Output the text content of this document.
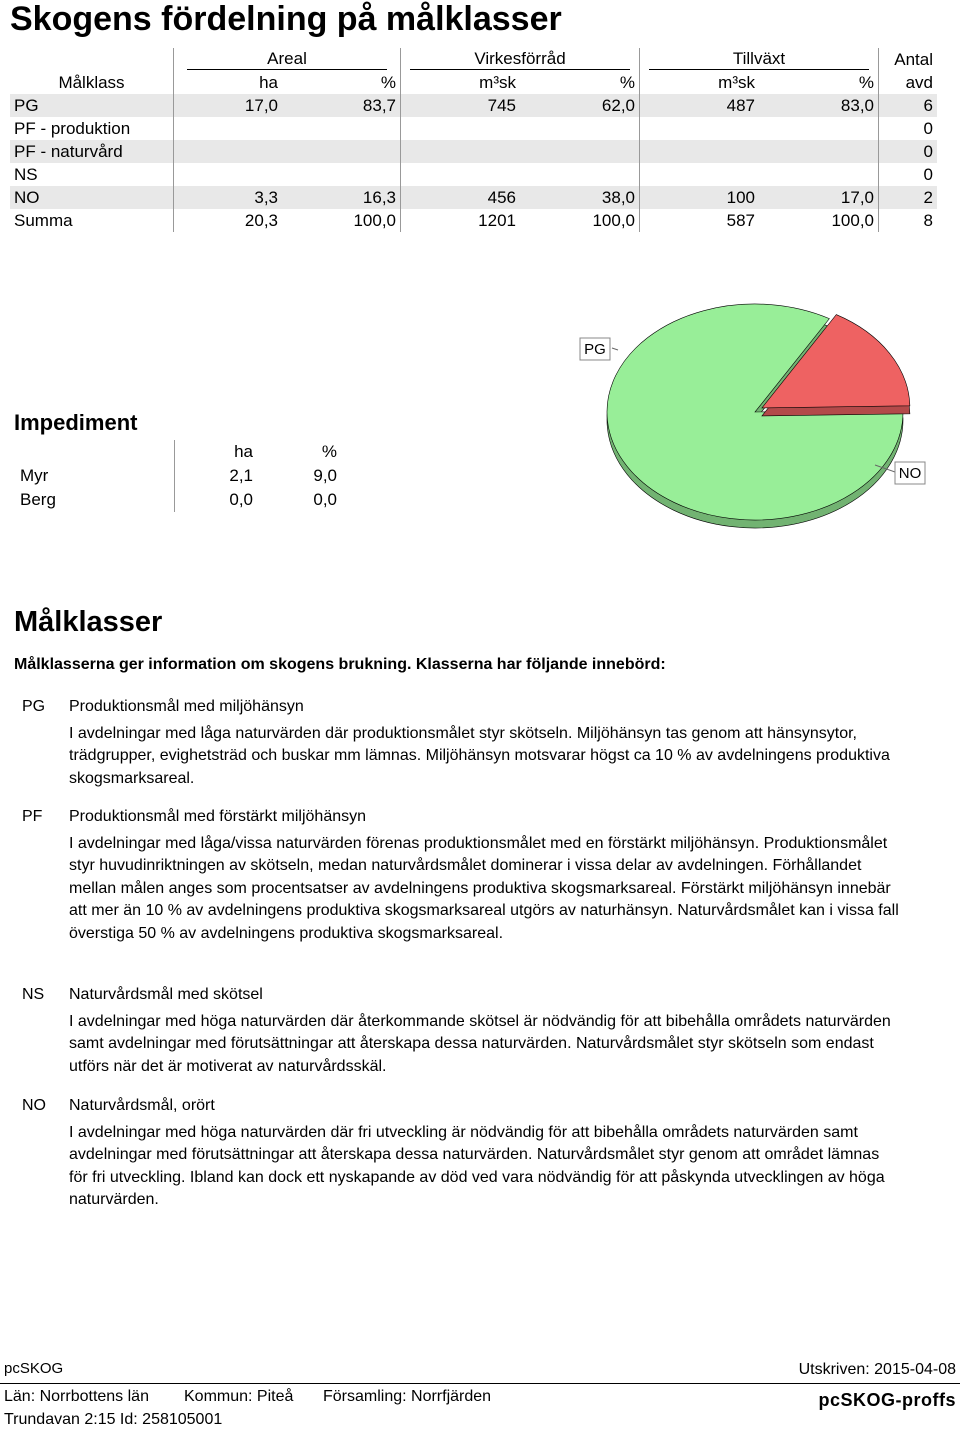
Skogens fördelning på målklasser
	Areal		Virkesförråd		Tillväxt		Antal
Målklass	ha	%	m³sk	%	m³sk	%	avd
PG	17,0	83,7	745	62,0	487	83,0	6
PF - produktion							0
PF - naturvård							0
NS							0
NO	3,3	16,3	456	38,0	100	17,0	2
Summa	20,3	100,0	1201	100,0	587	100,0	8
Impediment
	ha	%
Myr	2,1	9,0
Berg	0,0	0,0
PG
NO
Målklasser
Målklasserna ger information om skogens brukning. Klasserna har följande innebörd:
PG	Produktionsmål med miljöhänsyn
I avdelningar med låga naturvärden där produktionsmålet styr skötseln. Miljöhänsyn tas genom att hänsynsytor, trädgrupper, evighetsträd och buskar mm lämnas. Miljöhänsyn motsvarar högst ca 10 % av avdelningens produktiva skogsmarksareal.
PF	Produktionsmål med förstärkt miljöhänsyn
I avdelningar med låga/vissa naturvärden förenas produktionsmålet med en förstärkt miljöhänsyn. Produktionsmålet styr huvudinriktningen av skötseln, medan naturvårdsmålet dominerar i vissa delar av avdelningen. Förhållandet mellan målen anges som procentsatser av avdelningens produktiva skogsmarksareal. Förstärkt miljöhänsyn innebär att mer än 10 % av avdelningens produktiva skogsmarksareal utgörs av naturhänsyn. Naturvårdsmålet kan i vissa fall överstiga 50 % av avdelningens produktiva skogsmarksareal.
NS	Naturvårdsmål med skötsel
I avdelningar med höga naturvärden där återkommande skötsel är nödvändig för att bibehålla områdets naturvärden samt avdelningar med förutsättningar att återskapa dessa naturvärden. Naturvårdsmålet styr skötseln som endast utförs när det är motiverat av naturvårdsskäl.
NO	Naturvårdsmål, orört
I avdelningar med höga naturvärden där fri utveckling är nödvändig för att bibehålla områdets naturvärden samt avdelningar med förutsättningar att återskapa dessa naturvärden. Naturvårdsmålet styr genom att området lämnas för fri utveckling. Ibland kan dock ett nyskapande av död ved vara nödvändig för att påskynda utvecklingen av höga naturvärden.
pcSKOG	Utskriven: 2015-04-08
Län: Norrbottens län Kommun: Piteå Församling: Norrfjärden
Trundavan 2:15 Id: 258105001
pcSKOG-proffs
